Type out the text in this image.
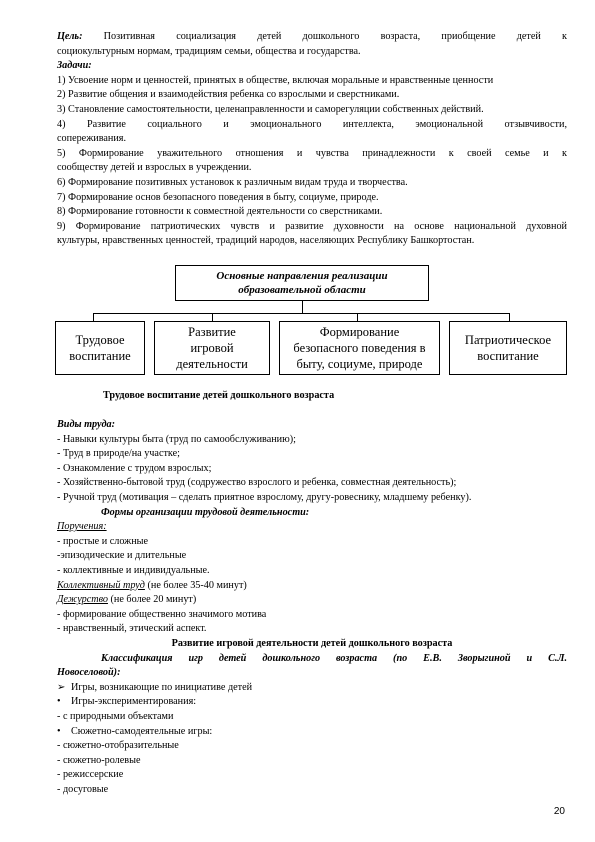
Цель: Позитивная социализация детей дошкольного возраста, приобщение детей к

социокультурным нормам, традициям семьи, общества и государства.

Задачи:

1) Усвоение норм и ценностей, принятых в обществе, включая моральные и нравственные ценности

2) Развитие общения и взаимодействия ребенка со взрослыми и сверстниками.

3) Становление самостоятельности, целенаправленности и саморегуляции собственных действий.

4) Развитие социального и эмоционального интеллекта, эмоциональной отзывчивости,

сопереживания.

5) Формирование уважительного отношения и чувства принадлежности к своей семье и к

сообществу детей и взрослых в учреждении.

6) Формирование позитивных установок к различным видам труда и творчества.

7) Формирование основ безопасного поведения в быту, социуме, природе.

8) Формирование готовности к совместной деятельности со сверстниками.

9) Формирование патриотических чувств и развитие духовности на основе национальной духовной

культуры, нравственных ценностей, традиций народов, населяющих Республику Башкортостан.

Основные направления реализации
образовательной области
Трудовое
воспитание
Развитие
игровой
деятельности
Формирование
безопасного поведения в
быту, социуме, природе
Патриотическое
воспитание

Трудовое воспитание детей дошкольного возраста

Виды труда:

- Навыки культуры быта (труд по самообслуживанию);

- Труд в природе/на участке;

- Ознакомление с трудом взрослых;

- Хозяйственно-бытовой труд (содружество взрослого и ребенка, совместная деятельность);

- Ручной труд (мотивация – сделать приятное взрослому, другу-ровеснику, младшему ребенку).

Формы организации трудовой деятельности:

Поручения:

- простые и сложные

-эпизодические и длительные

- коллективные и индивидуальные.

Коллективный труд (не более 35-40 минут)

Дежурство (не более 20 минут)

- формирование общественно значимого мотива

- нравственный, этический аспект.

Развитие игровой деятельности детей дошкольного возраста

Классификация игр детей дошкольного возраста (по Е.В. Зворыгиной и С.Л.

Новоселовой):

➢ Игры, возникающие по инициативе детей

• Игры-экспериментирования:

- с природными объектами

• Сюжетно-самодеятельные игры:

- сюжетно-отобразительные

- сюжетно-ролевые

- режиссерские

- досуговые

20
